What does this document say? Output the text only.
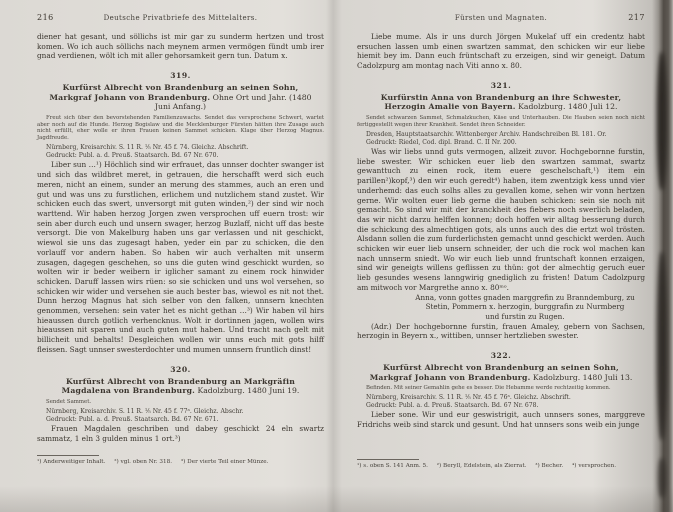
216	Deutsche Privatbriefe des Mittelalters.

diener hat gesant, und söllichs ist mir gar zu sunderm hertzen und trost komen. Wo ich auch söllichs nach meynem armen vermögen fündt umb irer gnad verdienen, wölt ich mit aller gehorsamkeit gern tun. Datum x.

319.
Kurfürst Albrecht von Brandenburg an seinen Sohn, Markgraf Johann von Brandenburg. Ohne Ort und Jahr. (1480 Juni Anfang.)

Freut sich über den bevorstehenden Familienzuwachs. Sendet das versprochene Schwert, wartet aber noch auf die Hunde. Herzog Bogislaw und die Mecklenburger Fürsten hätten ihre Zusage auch nicht erfüllt, eher wolle er ihren Frauen keinen Sammet schicken. Klage über Herzog Magnus. Jagdfreude.

Nürnberg, Kreisarchiv. S. 11 R. ⅕ Nr. 45 f. 74. Gleichz. Abschrift.

Gedruckt: Publ. a. d. Preuß. Staatsarch. Bd. 67 Nr. 670.

Liber sun …¹) Höchlich sind wir erfrauet, das unnser dochter swanger ist und sich das wildbret meret, in getrauen, die herschafft werd sich euch meren, nicht an einem, sunder an merung des stammes, auch an eren und gut und was uns zu furstlichen, erlichem und nutzlichem stand zustet. Wir schicken euch das swert, unversorgt mit guten winden,²) der sind wir noch warttend. Wir haben herzog Jorgen zwen versprochen uff euern trost: wir sein aber durch euch und unsern swager, herzog Buzlaff, nicht uff das beste versorgt. Die von Makelburg haben uns gar verlassen und nit geschickt, wiewol sie uns das zugesagt haben, yeder ein par zu schicken, die den vorlauff vor andern haben. So haben wir auch verhalten mit unserm zusagen, dagegen geschehen, so uns die guten wind geschickt wurden, so wolten wir ir beder weibern ir iglicher samant zu einem rock hinwider schicken. Daruff lassen wirs rüen: so sie schicken und uns wol versehen, so schicken wir wider und versehen sie auch bester bas, wiewol es nit not thet. Dunn herzog Magnus hat sich selber von den falken, unnsern knechten genommen, versehen: sein vater het es nicht gethan …³) Wir haben vil hirs hieaussen durch gotlich verhencknus. Wolt ir dortinnen jagen, wollen wirs hieaussen nit sparen und auch guten mut haben. Und tracht nach gelt mit billicheit und behalts! Desgleichen wollen wir unns euch mit gots hilff fleissen. Sagt unnser swesterdochter und mumen unnsern fruntlich dinst!

320.
Kurfürst Albrecht von Brandenburg an Markgräfin Magdalena von Brandenburg. Kadolzburg. 1480 Juni 19.

Sendet Sammet.

Nürnberg, Kreisarchiv. S. 11 R. ⅕ Nr. 45 f. 77ᵃ. Gleichz. Abschr.

Gedruckt: Publ. a. d. Preuß. Staatsarch. Bd. 67 Nr. 671.

Frauen Magdalen geschriben und dabey geschickt 24 eln swartz sammatz, 1 eln 3 gulden minus 1 ort.³)

¹) Anderweitiger Inhalt. ²) vgl. oben Nr. 318. ³) Der vierte Teil einer Münze.

Fürsten und Magnaten.	217

Liebe mume. Als ir uns durch Jörgen Mukelaf uff ein credentz habt ersuchen lassen umb einen swartzen sammat, den schicken wir eur liebe hiemit bey im. Dann euch früntschaft zu erzeigen, sind wir geneigt. Datum Cadolzpurg am montag nach Viti anno x. 80.

321.
Kurfürstin Anna von Brandenburg an ihre Schwester, Herzogin Amalie von Bayern. Kadolzburg. 1480 Juli 12.

Sendet schwarzen Sammet, Schmalzkuchen, Käse und Unterhauben. Die Hauben seien noch nicht fertiggestellt wegen ihrer Krankheit. Sendet ihren Schneider.

Dresden, Hauptstaatsarchiv. Wittenberger Archiv. Handschreiben Bl. 181. Or.

Gedruckt: Riedel, Cod. dipl. Brand. C. II Nr. 200.

Was wir liebs unnd guts vermogen, allzeit zuvor. Hochgebornne furstin, liebe swester. Wir schicken euer lieb den swartzen sammat, swartz gewanttuch zu einen rock, item euere geschelschaft,¹) item ein parillen²)kopf,³) den wir euch geredt⁴) haben, item zwentzigk kess unnd vier underhemd: das euch solhs alles zu gevallen kome, sehen wir vonn hertzen gerne. Wir wolten euer lieb gerne die hauben schicken: sein sie noch nit gemacht. So sind wir mit der kranckheit des fiebers noch swerlich beladen, das wir nicht darzu helffen konnen; doch hoffen wir alltag besserung durch die schickung des almechtigen gots, als unns auch des die ertzt wol trösten. Alsdann sollen die zum furderlichsten gemacht unnd geschickt werden. Auch schicken wir euer lieb unsern schneider, der uch die rock wol machen kan nach unnserm sniedt. Wo wir euch lieb unnd fruntschaft konnen erzaigen, sind wir geneigts willens geflissen zu thün: got der almechtig geruch euer lieb gesundes wesens lanngwirig gnediglich zu fristen! Datum Cadolzpurg am mitwoch vor Margrethe anno x. 80ᵐᵒ.

Anna, vonn gottes gnaden marggrefin zu Branndemburg, zu
Stetin, Pommern x. herzogin, burggrafin zu Nurmberg
und furstin zu Rugen.

(Adr.) Der hochgebornne furstin, frauen Amaley, gebern von Sachsen, herzogin in Beyern x., wittiben, unnser hertzlieben swester.

322.
Kurfürst Albrecht von Brandenburg an seinen Sohn, Markgraf Johann von Brandenburg. Kadolzburg. 1480 Juli 13.

Befinden. Mit seiner Gemahlin gehe es besser. Die Hebamme werde rechtzeitig kommen.

Nürnberg, Kreisarchiv. S. 11 R. ⅕ Nr. 45 f. 76ᵃ. Gleichz. Abschrift.

Gedruckt: Publ. a. d. Preuß. Staatsarch. Bd. 67 Nr. 678.

Lieber sone. Wir und eur geswistrigit, auch unnsers sones, marggreve Fridrichs weib sind starck und gesunt. Und hat unnsers sons weib ein junge

¹) s. oben S. 141 Anm. 5. ²) Beryll, Edelstein, als Zierrat. ³) Becher. ⁴) versprochen.
